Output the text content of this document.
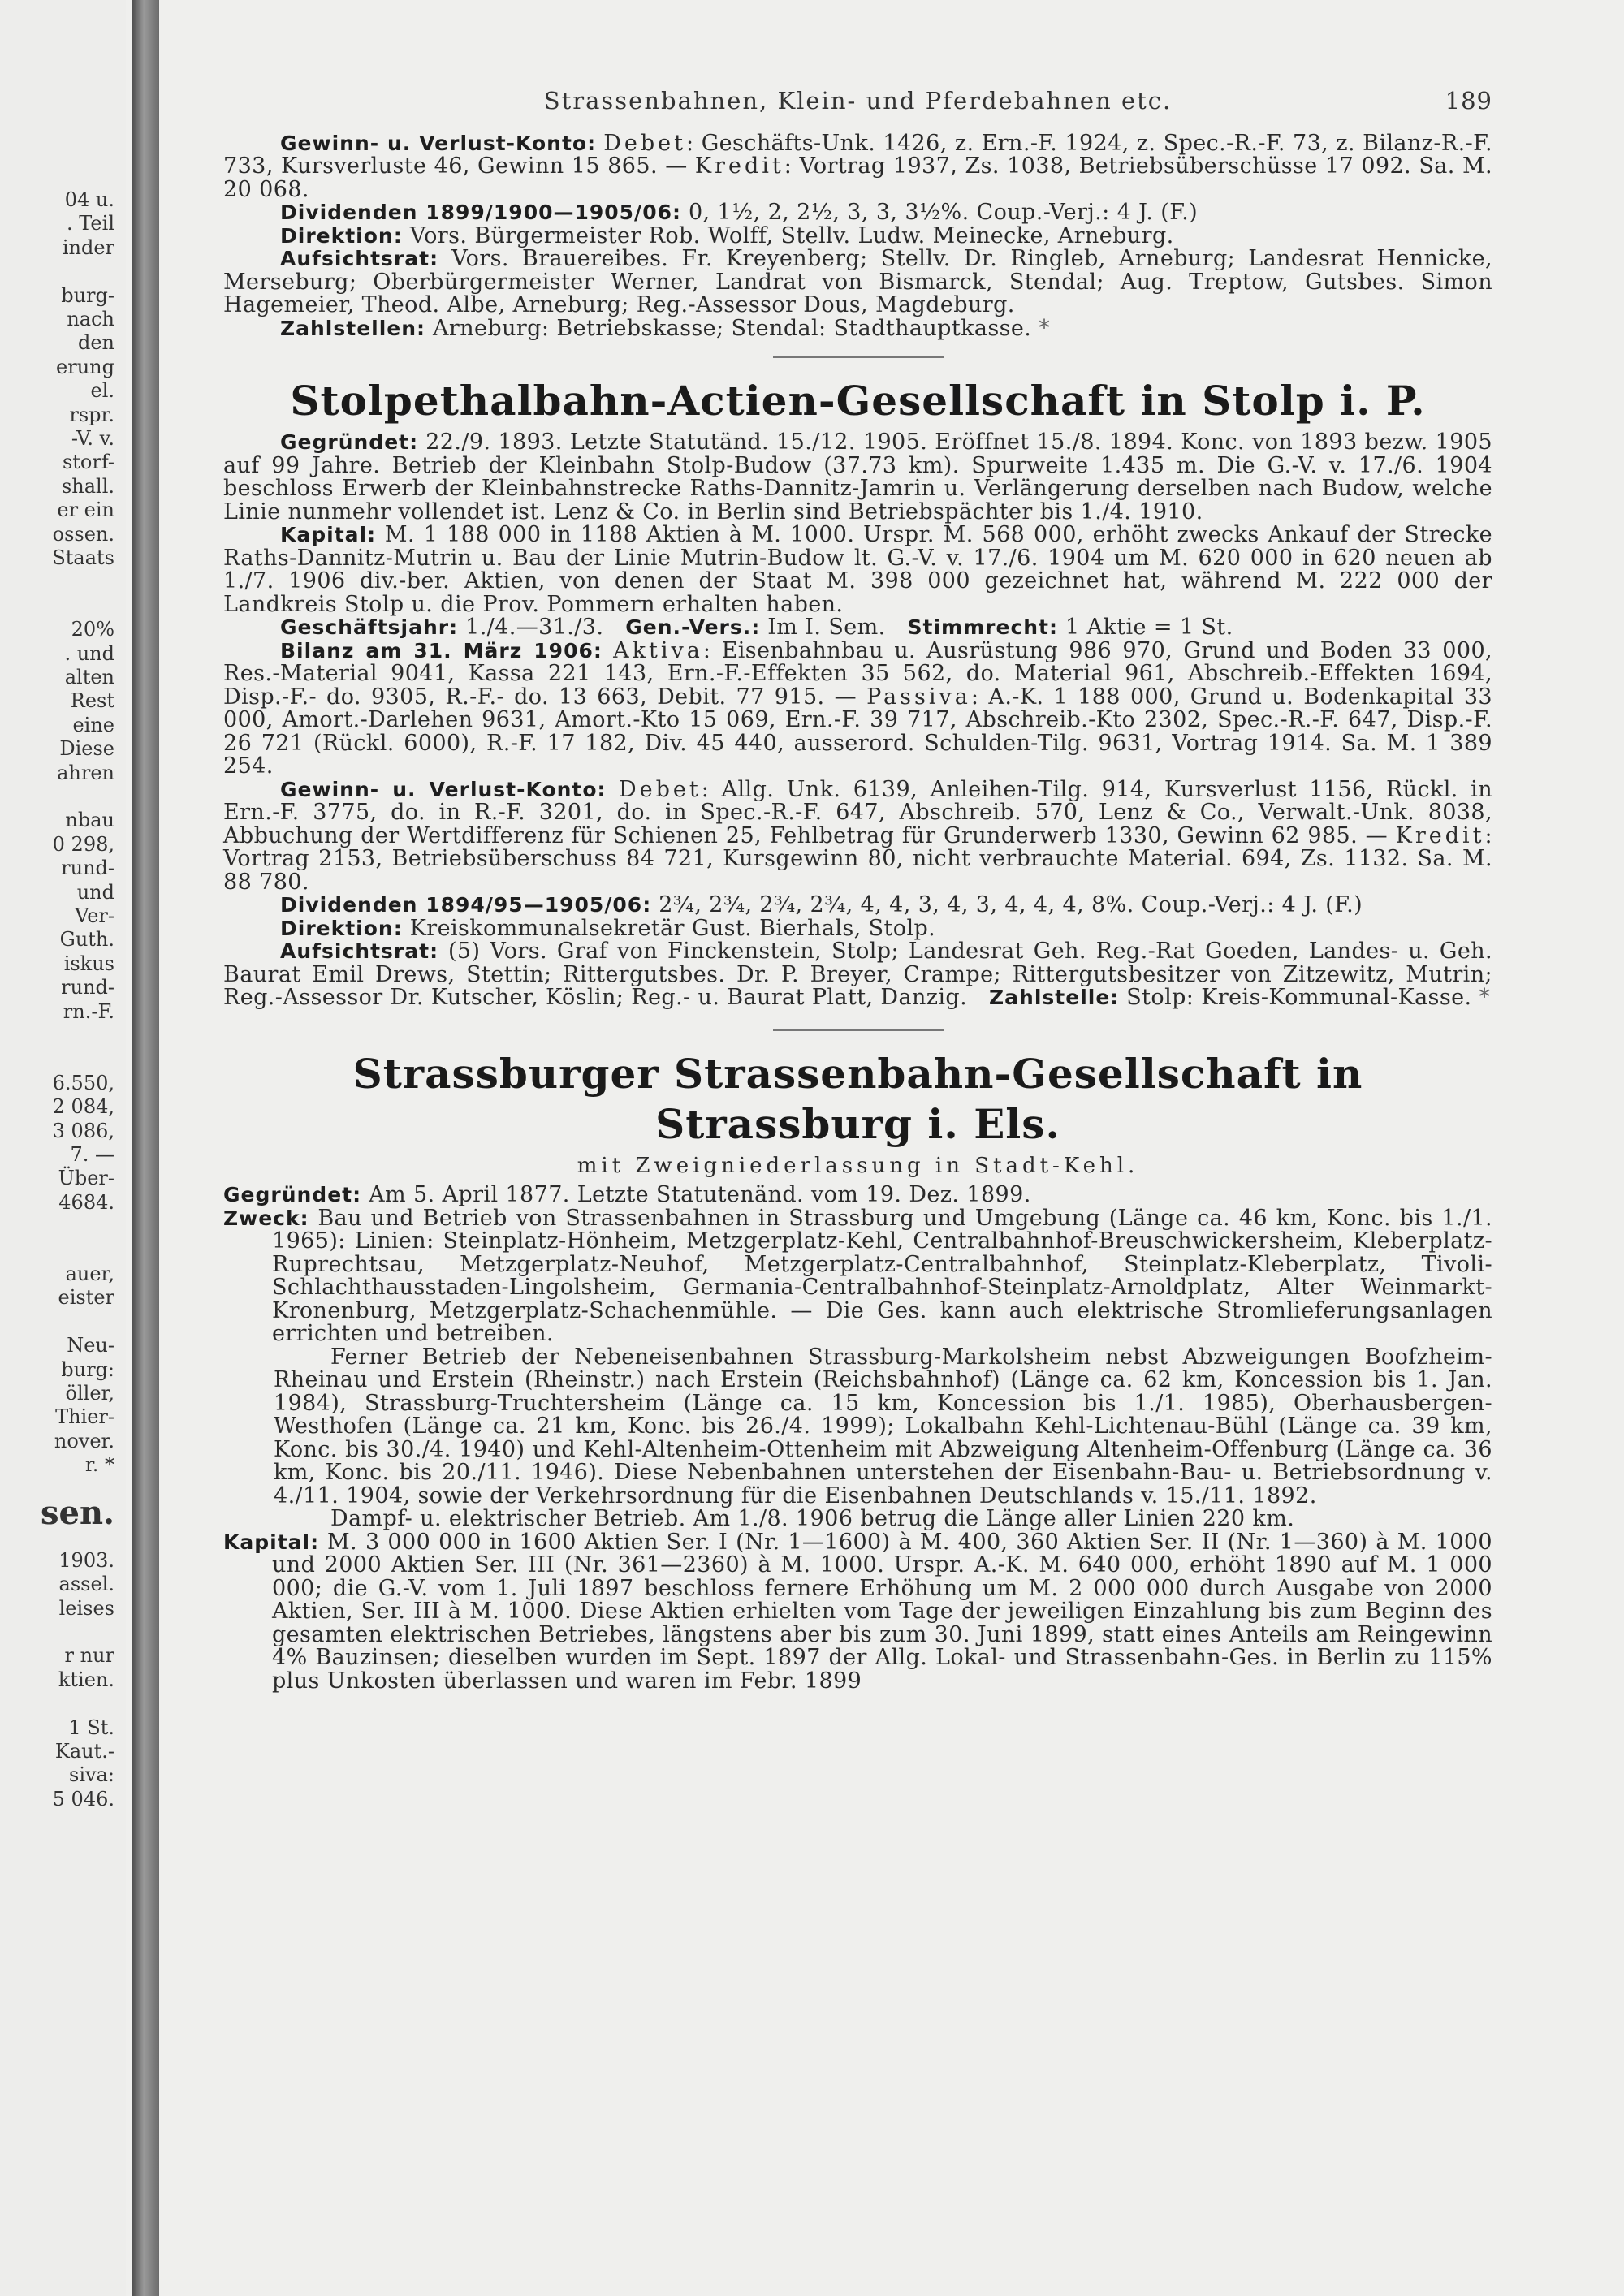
04 u.
. Teil
inder
burg-
nach
den
erung
el.
rspr.
-V. v.
storf-
shall.
er ein
ossen.
Staats
20%
. und
alten
Rest
eine
Diese
ahren
nbau
0 298,
rund-
und
Ver-
Guth.
iskus
rund-
rn.-F.
6.550,
2 084,
3 086,
7. —
Über-
4684.
auer,
eister
Neu-
burg:
öller,
Thier-
nover.
r. *
sen.
1903.
assel.
leises
r nur
ktien.
1 St.
Kaut.-
siva:
5 046.
Strassenbahnen, Klein- und Pferdebahnen etc.	189

Gewinn- u. Verlust-Konto: Debet: Geschäfts-Unk. 1426, z. Ern.-F. 1924, z. Spec.-R.-F. 73, z. Bilanz-R.-F. 733, Kursverluste 46, Gewinn 15 865. — Kredit: Vortrag 1937, Zs. 1038, Betriebsüberschüsse 17 092. Sa. M. 20 068.

Dividenden 1899/1900—1905/06: 0, 1½, 2, 2½, 3, 3, 3½%. Coup.-Verj.: 4 J. (F.)

Direktion: Vors. Bürgermeister Rob. Wolff, Stellv. Ludw. Meinecke, Arneburg.

Aufsichtsrat: Vors. Brauereibes. Fr. Kreyenberg; Stellv. Dr. Ringleb, Arneburg; Landesrat Hennicke, Merseburg; Oberbürgermeister Werner, Landrat von Bismarck, Stendal; Aug. Treptow, Gutsbes. Simon Hagemeier, Theod. Albe, Arneburg; Reg.-Assessor Dous, Magdeburg.

Zahlstellen: Arneburg: Betriebskasse; Stendal: Stadthauptkasse. *

Stolpethalbahn-Actien-Gesellschaft in Stolp i. P.

Gegründet: 22./9. 1893. Letzte Statutänd. 15./12. 1905. Eröffnet 15./8. 1894. Konc. von 1893 bezw. 1905 auf 99 Jahre. Betrieb der Kleinbahn Stolp-Budow (37.73 km). Spurweite 1.435 m. Die G.-V. v. 17./6. 1904 beschloss Erwerb der Kleinbahnstrecke Raths-Dannitz-Jamrin u. Verlängerung derselben nach Budow, welche Linie nunmehr vollendet ist. Lenz & Co. in Berlin sind Betriebspächter bis 1./4. 1910.

Kapital: M. 1 188 000 in 1188 Aktien à M. 1000. Urspr. M. 568 000, erhöht zwecks Ankauf der Strecke Raths-Dannitz-Mutrin u. Bau der Linie Mutrin-Budow lt. G.-V. v. 17./6. 1904 um M. 620 000 in 620 neuen ab 1./7. 1906 div.-ber. Aktien, von denen der Staat M. 398 000 gezeichnet hat, während M. 222 000 der Landkreis Stolp u. die Prov. Pommern erhalten haben.

Geschäftsjahr: 1./4.—31./3. Gen.-Vers.: Im I. Sem. Stimmrecht: 1 Aktie = 1 St.

Bilanz am 31. März 1906: Aktiva: Eisenbahnbau u. Ausrüstung 986 970, Grund und Boden 33 000, Res.-Material 9041, Kassa 221 143, Ern.-F.-Effekten 35 562, do. Material 961, Abschreib.-Effekten 1694, Disp.-F.- do. 9305, R.-F.- do. 13 663, Debit. 77 915. — Passiva: A.-K. 1 188 000, Grund u. Bodenkapital 33 000, Amort.-Darlehen 9631, Amort.-Kto 15 069, Ern.-F. 39 717, Abschreib.-Kto 2302, Spec.-R.-F. 647, Disp.-F. 26 721 (Rückl. 6000), R.-F. 17 182, Div. 45 440, ausserord. Schulden-Tilg. 9631, Vortrag 1914. Sa. M. 1 389 254.

Gewinn- u. Verlust-Konto: Debet: Allg. Unk. 6139, Anleihen-Tilg. 914, Kursverlust 1156, Rückl. in Ern.-F. 3775, do. in R.-F. 3201, do. in Spec.-R.-F. 647, Abschreib. 570, Lenz & Co., Verwalt.-Unk. 8038, Abbuchung der Wertdifferenz für Schienen 25, Fehlbetrag für Grunderwerb 1330, Gewinn 62 985. — Kredit: Vortrag 2153, Betriebsüberschuss 84 721, Kursgewinn 80, nicht verbrauchte Material. 694, Zs. 1132. Sa. M. 88 780.

Dividenden 1894/95—1905/06: 2¾, 2¾, 2¾, 2¾, 4, 4, 3, 4, 3, 4, 4, 4, 8%. Coup.-Verj.: 4 J. (F.)

Direktion: Kreiskommunalsekretär Gust. Bierhals, Stolp.

Aufsichtsrat: (5) Vors. Graf von Finckenstein, Stolp; Landesrat Geh. Reg.-Rat Goeden, Landes- u. Geh. Baurat Emil Drews, Stettin; Rittergutsbes. Dr. P. Breyer, Crampe; Rittergutsbesitzer von Zitzewitz, Mutrin; Reg.-Assessor Dr. Kutscher, Köslin; Reg.- u. Baurat Platt, Danzig. Zahlstelle: Stolp: Kreis-Kommunal-Kasse. *

Strassburger Strassenbahn-Gesellschaft in Strassburg i. Els.
mit Zweigniederlassung in Stadt-Kehl.

Gegründet: Am 5. April 1877. Letzte Statutenänd. vom 19. Dez. 1899.

Zweck: Bau und Betrieb von Strassenbahnen in Strassburg und Umgebung (Länge ca. 46 km, Konc. bis 1./1. 1965): Linien: Steinplatz-Hönheim, Metzgerplatz-Kehl, Centralbahnhof-Breuschwickersheim, Kleberplatz-Ruprechtsau, Metzgerplatz-Neuhof, Metzgerplatz-Centralbahnhof, Steinplatz-Kleberplatz, Tivoli-Schlachthausstaden-Lingolsheim, Germania-Centralbahnhof-Steinplatz-Arnoldplatz, Alter Weinmarkt-Kronenburg, Metzgerplatz-Schachenmühle. — Die Ges. kann auch elektrische Stromlieferungsanlagen errichten und betreiben.

Ferner Betrieb der Nebeneisenbahnen Strassburg-Markolsheim nebst Abzweigungen Boofzheim-Rheinau und Erstein (Rheinstr.) nach Erstein (Reichsbahnhof) (Länge ca. 62 km, Koncession bis 1. Jan. 1984), Strassburg-Truchtersheim (Länge ca. 15 km, Koncession bis 1./1. 1985), Oberhausbergen-Westhofen (Länge ca. 21 km, Konc. bis 26./4. 1999); Lokalbahn Kehl-Lichtenau-Bühl (Länge ca. 39 km, Konc. bis 30./4. 1940) und Kehl-Altenheim-Ottenheim mit Abzweigung Altenheim-Offenburg (Länge ca. 36 km, Konc. bis 20./11. 1946). Diese Nebenbahnen unterstehen der Eisenbahn-Bau- u. Betriebsordnung v. 4./11. 1904, sowie der Verkehrsordnung für die Eisenbahnen Deutschlands v. 15./11. 1892.

Dampf- u. elektrischer Betrieb. Am 1./8. 1906 betrug die Länge aller Linien 220 km.

Kapital: M. 3 000 000 in 1600 Aktien Ser. I (Nr. 1—1600) à M. 400, 360 Aktien Ser. II (Nr. 1—360) à M. 1000 und 2000 Aktien Ser. III (Nr. 361—2360) à M. 1000. Urspr. A.-K. M. 640 000, erhöht 1890 auf M. 1 000 000; die G.-V. vom 1. Juli 1897 beschloss fernere Erhöhung um M. 2 000 000 durch Ausgabe von 2000 Aktien, Ser. III à M. 1000. Diese Aktien erhielten vom Tage der jeweiligen Einzahlung bis zum Beginn des gesamten elektrischen Betriebes, längstens aber bis zum 30. Juni 1899, statt eines Anteils am Reingewinn 4% Bauzinsen; dieselben wurden im Sept. 1897 der Allg. Lokal- und Strassenbahn-Ges. in Berlin zu 115% plus Unkosten überlassen und waren im Febr. 1899
